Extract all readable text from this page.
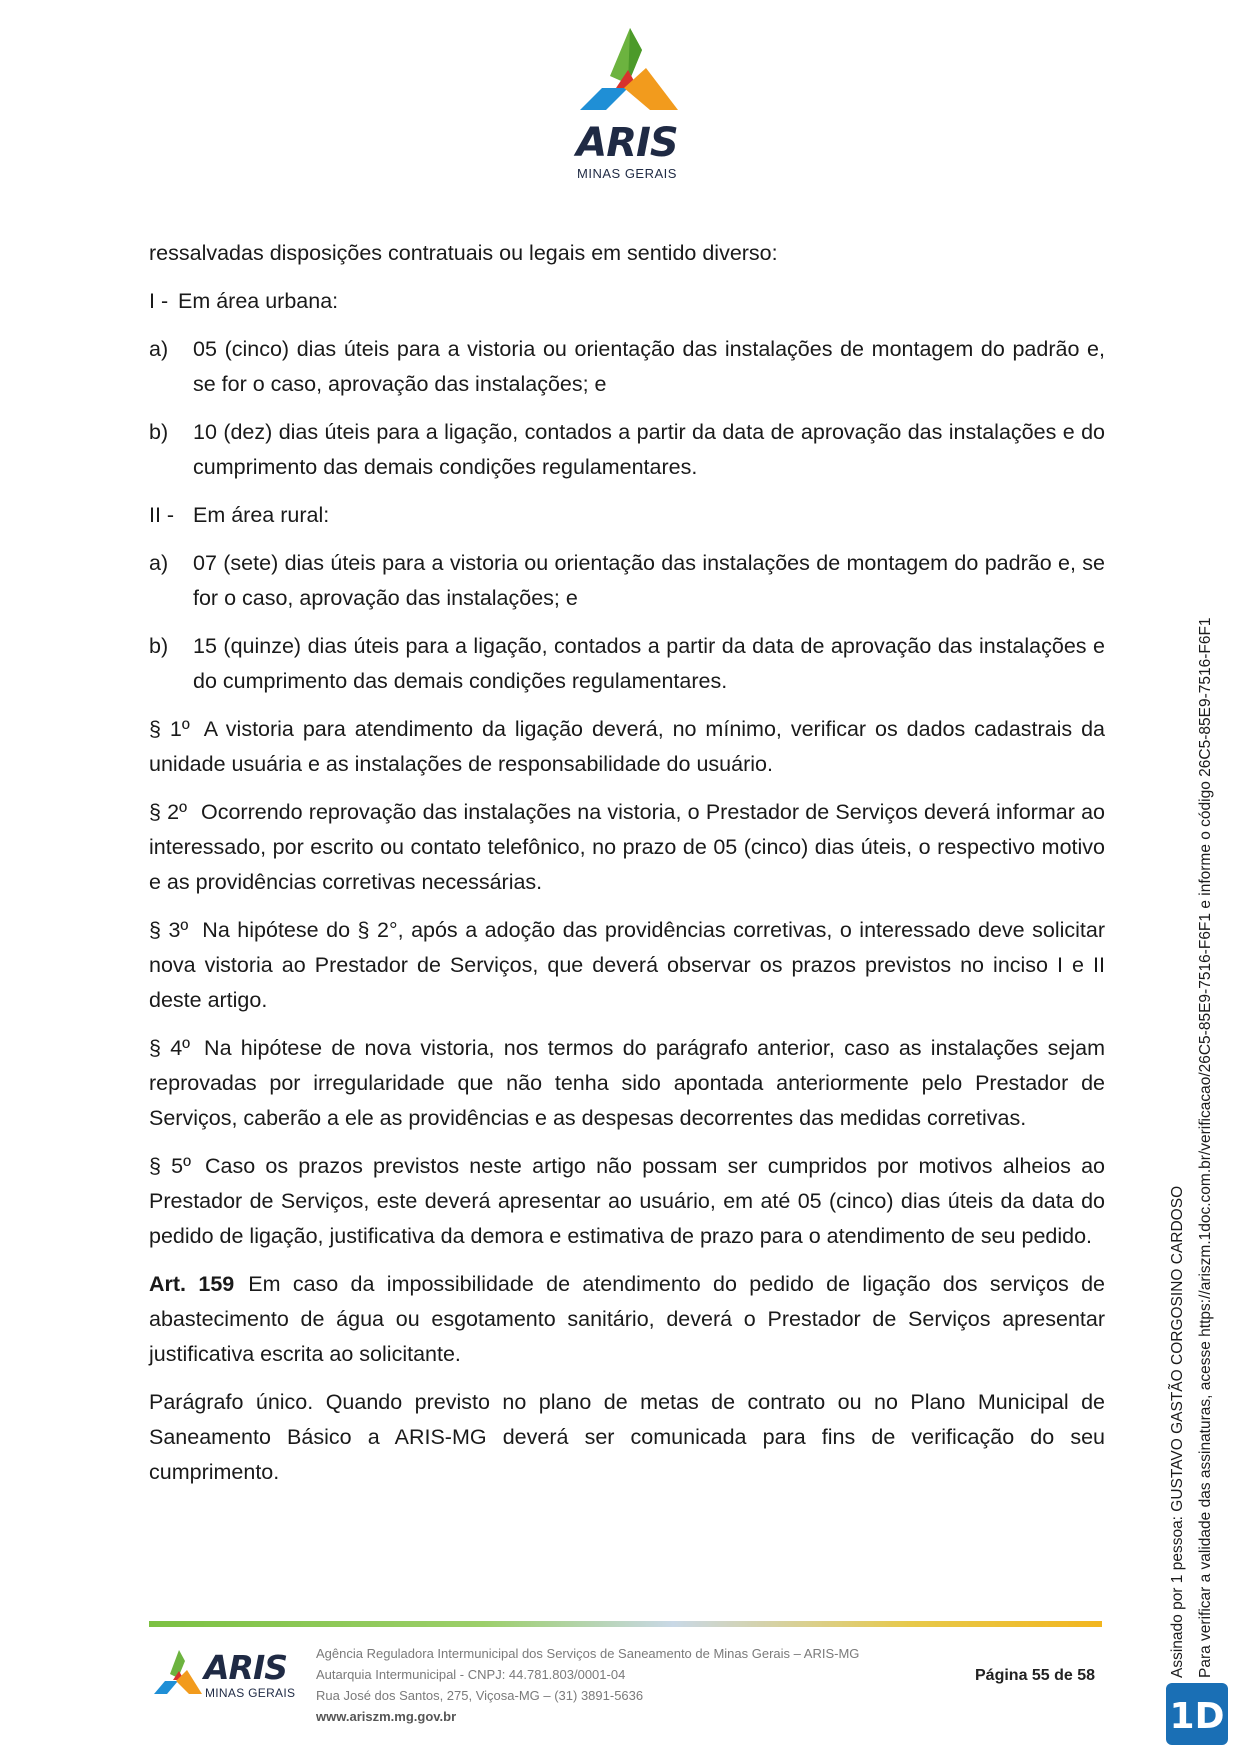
ARIS
MINAS GERAIS

ressalvadas disposições contratuais ou legais em sentido diverso:

I - Em área urbana:
a)	05 (cinco) dias úteis para a vistoria ou orientação das instalações de montagem do padrão e, se for o caso, aprovação das instalações; e
b)	10 (dez) dias úteis para a ligação, contados a partir da data de aprovação das instalações e do cumprimento das demais condições regulamentares.
II - Em área rural:
a)	07 (sete) dias úteis para a vistoria ou orientação das instalações de montagem do padrão e, se for o caso, aprovação das instalações; e
b)	15 (quinze) dias úteis para a ligação, contados a partir da data de aprovação das instalações e do cumprimento das demais condições regulamentares.

§ 1º A vistoria para atendimento da ligação deverá, no mínimo, verificar os dados cadastrais da unidade usuária e as instalações de responsabilidade do usuário.

§ 2º Ocorrendo reprovação das instalações na vistoria, o Prestador de Serviços deverá informar ao interessado, por escrito ou contato telefônico, no prazo de 05 (cinco) dias úteis, o respectivo motivo e as providências corretivas necessárias.

§ 3º Na hipótese do § 2°, após a adoção das providências corretivas, o interessado deve solicitar nova vistoria ao Prestador de Serviços, que deverá observar os prazos previstos no inciso I e II deste artigo.

§ 4º Na hipótese de nova vistoria, nos termos do parágrafo anterior, caso as instalações sejam reprovadas por irregularidade que não tenha sido apontada anteriormente pelo Prestador de Serviços, caberão a ele as providências e as despesas decorrentes das medidas corretivas.

§ 5º Caso os prazos previstos neste artigo não possam ser cumpridos por motivos alheios ao Prestador de Serviços, este deverá apresentar ao usuário, em até 05 (cinco) dias úteis da data do pedido de ligação, justificativa da demora e estimativa de prazo para o atendimento de seu pedido.

Art. 159 Em caso da impossibilidade de atendimento do pedido de ligação dos serviços de abastecimento de água ou esgotamento sanitário, deverá o Prestador de Serviços apresentar justificativa escrita ao solicitante.

Parágrafo único. Quando previsto no plano de metas de contrato ou no Plano Municipal de Saneamento Básico a ARIS-MG deverá ser comunicada para fins de verificação do seu cumprimento.

ARIS
MINAS GERAIS
Agência Reguladora Intermunicipal dos Serviços de Saneamento de Minas Gerais – ARIS-MG
Autarquia Intermunicipal - CNPJ: 44.781.803/0001-04
Rua José dos Santos, 275, Viçosa-MG – (31) 3891-5636
www.ariszm.mg.gov.br
Página 55 de 58	Assinado por 1 pessoa: GUSTAVO GASTÃO CORGOSINO CARDOSO Para verificar a validade das assinaturas, acesse https://ariszm.1doc.com.br/verificacao/26C5-85E9-7516-F6F1 e informe o código 26C5-85E9-7516-F6F1
1D
